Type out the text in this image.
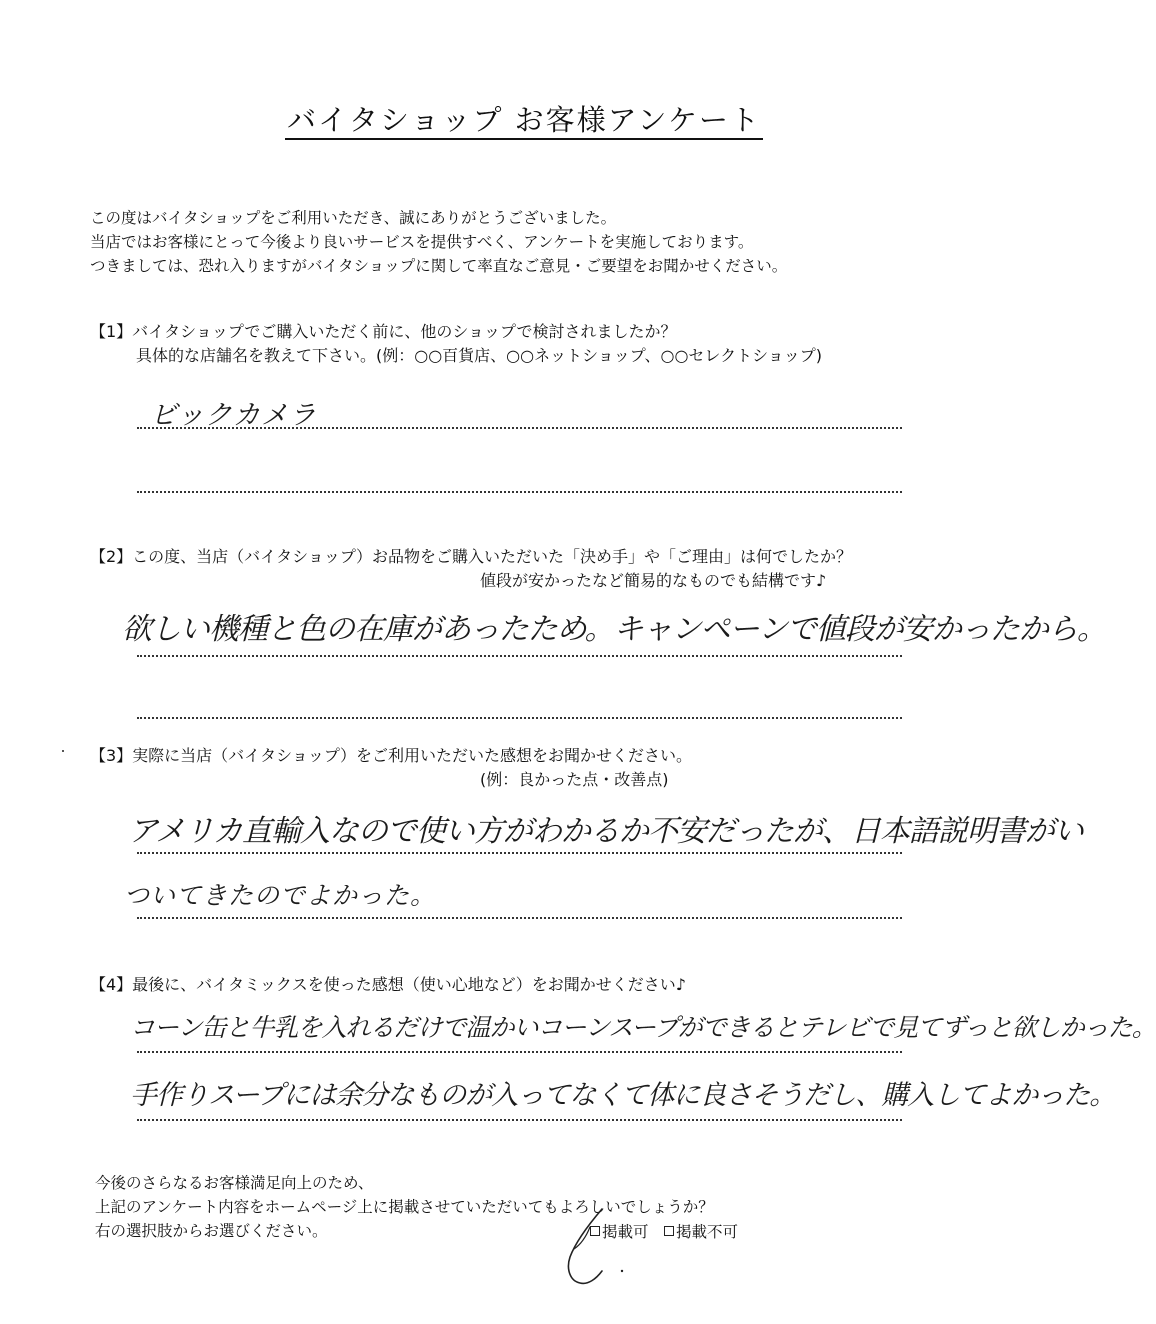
バイタショップ お客様アンケート
この度はバイタショップをご利用いただき、誠にありがとうございました。
当店ではお客様にとって今後より良いサービスを提供すべく、アンケートを実施しております。
つきましては、恐れ入りますがバイタショップに関して率直なご意見・ご要望をお聞かせください。
【1】バイタショップでご購入いただく前に、他のショップで検討されましたか？
具体的な店舗名を教えて下さい。(例：○○百貨店、○○ネットショップ、○○セレクトショップ)
ビックカメラ
【2】この度、当店（バイタショップ）お品物をご購入いただいた「決め手」や「ご理由」は何でしたか？
値段が安かったなど簡易的なものでも結構です♪
欲しい機種と色の在庫があったため。キャンペーンで値段が安かったから。
【3】実際に当店（バイタショップ）をご利用いただいた感想をお聞かせください。
(例：良かった点・改善点)
アメリカ直輸入なので使い方がわかるか不安だったが、日本語説明書がい
ついてきたのでよかった。
【4】最後に、バイタミックスを使った感想（使い心地など）をお聞かせください♪
コーン缶と牛乳を入れるだけで温かいコーンスープができるとテレビで見てずっと欲しかった。
手作りスープには余分なものが入ってなくて体に良さそうだし、購入してよかった。
今後のさらなるお客様満足向上のため、
上記のアンケート内容をホームページ上に掲載させていただいてもよろしいでしょうか？
右の選択肢からお選びください。	掲載可	掲載不可
